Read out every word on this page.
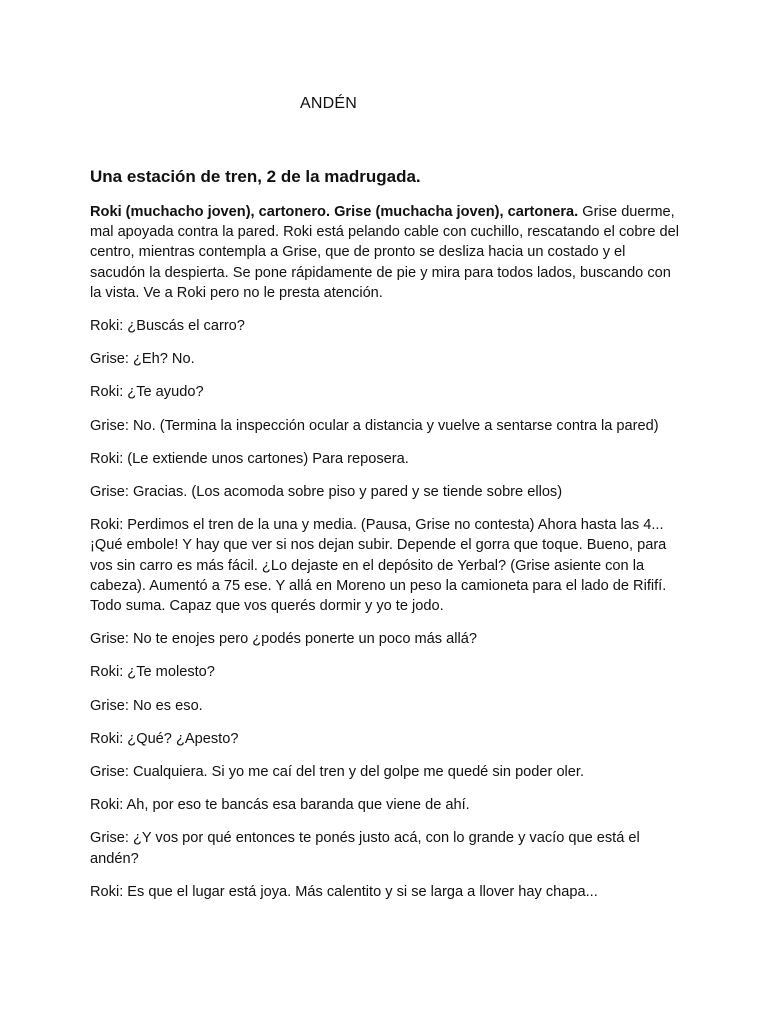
ANDÉN
Una estación de tren, 2 de la madrugada.

Roki (muchacho joven), cartonero. Grise (muchacha joven), cartonera. Grise duerme, mal apoyada contra la pared. Roki está pelando cable con cuchillo, rescatando el cobre del centro, mientras contempla a Grise, que de pronto se desliza hacia un costado y el sacudón la despierta. Se pone rápidamente de pie y mira para todos lados, buscando con la vista. Ve a Roki pero no le presta atención.

Roki: ¿Buscás el carro?

Grise: ¿Eh? No.

Roki: ¿Te ayudo?

Grise: No. (Termina la inspección ocular a distancia y vuelve a sentarse contra la pared)

Roki: (Le extiende unos cartones) Para reposera.

Grise: Gracias. (Los acomoda sobre piso y pared y se tiende sobre ellos)

Roki: Perdimos el tren de la una y media. (Pausa, Grise no contesta) Ahora hasta las 4... ¡Qué embole! Y hay que ver si nos dejan subir. Depende el gorra que toque. Bueno, para vos sin carro es más fácil. ¿Lo dejaste en el depósito de Yerbal? (Grise asiente con la cabeza). Aumentó a 75 ese. Y allá en Moreno un peso la camioneta para el lado de Rififí. Todo suma. Capaz que vos querés dormir y yo te jodo.

Grise: No te enojes pero ¿podés ponerte un poco más allá?

Roki: ¿Te molesto?

Grise: No es eso.

Roki: ¿Qué? ¿Apesto?

Grise: Cualquiera. Si yo me caí del tren y del golpe me quedé sin poder oler.

Roki: Ah, por eso te bancás esa baranda que viene de ahí.

Grise: ¿Y vos por qué entonces te ponés justo acá, con lo grande y vacío que está el andén?

Roki: Es que el lugar está joya. Más calentito y si se larga a llover hay chapa...
